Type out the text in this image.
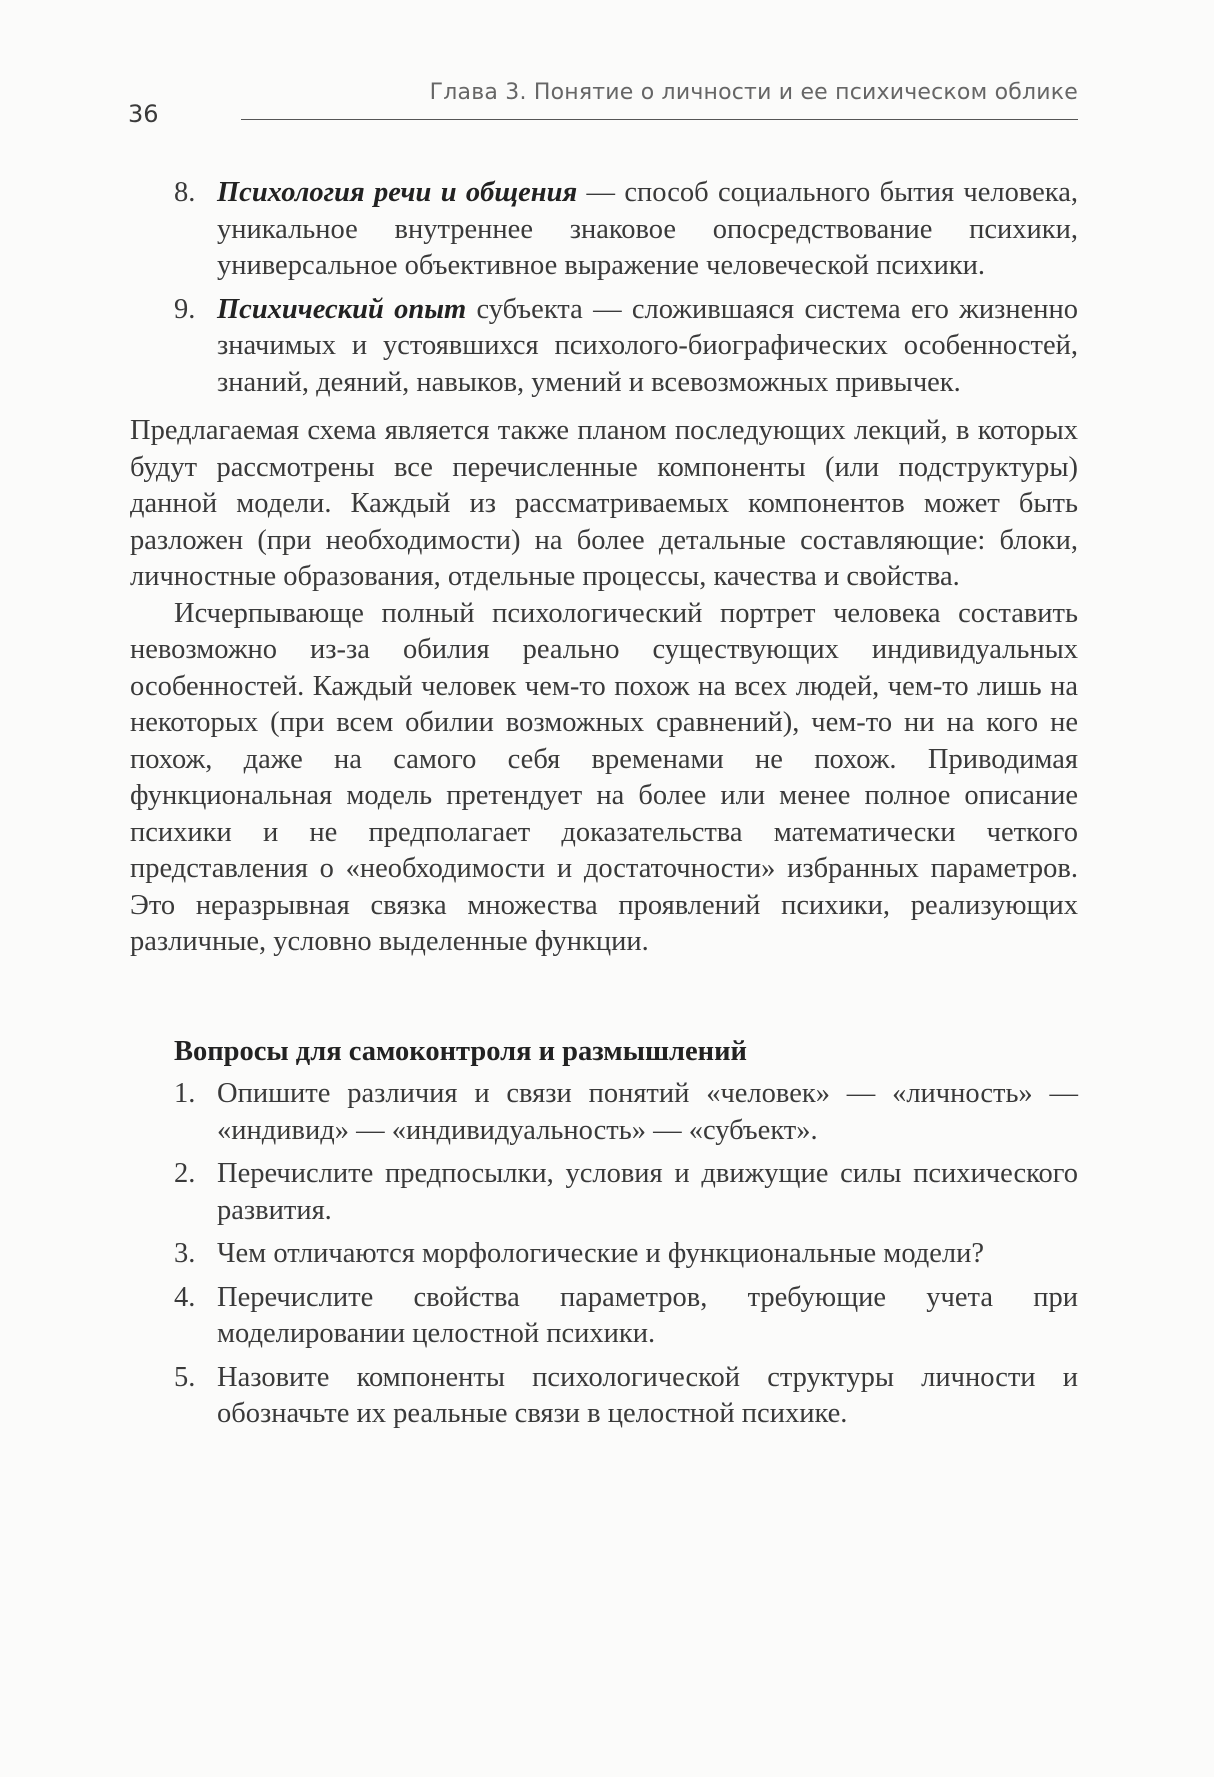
Глава 3. Понятие о личности и ее психическом облике
36
8. Психология речи и общения — способ социального бытия человека, уникальное внутреннее знаковое опосредствование психики, универсальное объективное выражение человеческой психики.
9. Психический опыт субъекта — сложившаяся система его жизненно значимых и устоявшихся психолого-биографических особенностей, знаний, деяний, навыков, умений и всевозможных привычек.

Предлагаемая схема является также планом последующих лекций, в которых будут рассмотрены все перечисленные компоненты (или подструктуры) данной модели. Каждый из рассматриваемых компонентов может быть разложен (при необходимости) на более детальные составляющие: блоки, личностные образования, отдельные процессы, качества и свойства.

Исчерпывающе полный психологический портрет человека составить невозможно из-за обилия реально существующих индивидуальных особенностей. Каждый человек чем-то похож на всех людей, чем-то лишь на некоторых (при всем обилии возможных сравнений), чем-то ни на кого не похож, даже на самого себя временами не похож. Приводимая функциональная модель претендует на более или менее полное описание психики и не предполагает доказательства математически четкого представления о «необходимости и достаточности» избранных параметров. Это неразрывная связка множества проявлений психики, реализующих различные, условно выделенные функции.

Вопросы для самоконтроля и размышлений
1. Опишите различия и связи понятий «человек» — «личность» — «индивид» — «индивидуальность» — «субъект».
2. Перечислите предпосылки, условия и движущие силы психического развития.
3. Чем отличаются морфологические и функциональные модели?
4. Перечислите свойства параметров, требующие учета при моделировании целостной психики.
5. Назовите компоненты психологической структуры личности и обозначьте их реальные связи в целостной психике.
